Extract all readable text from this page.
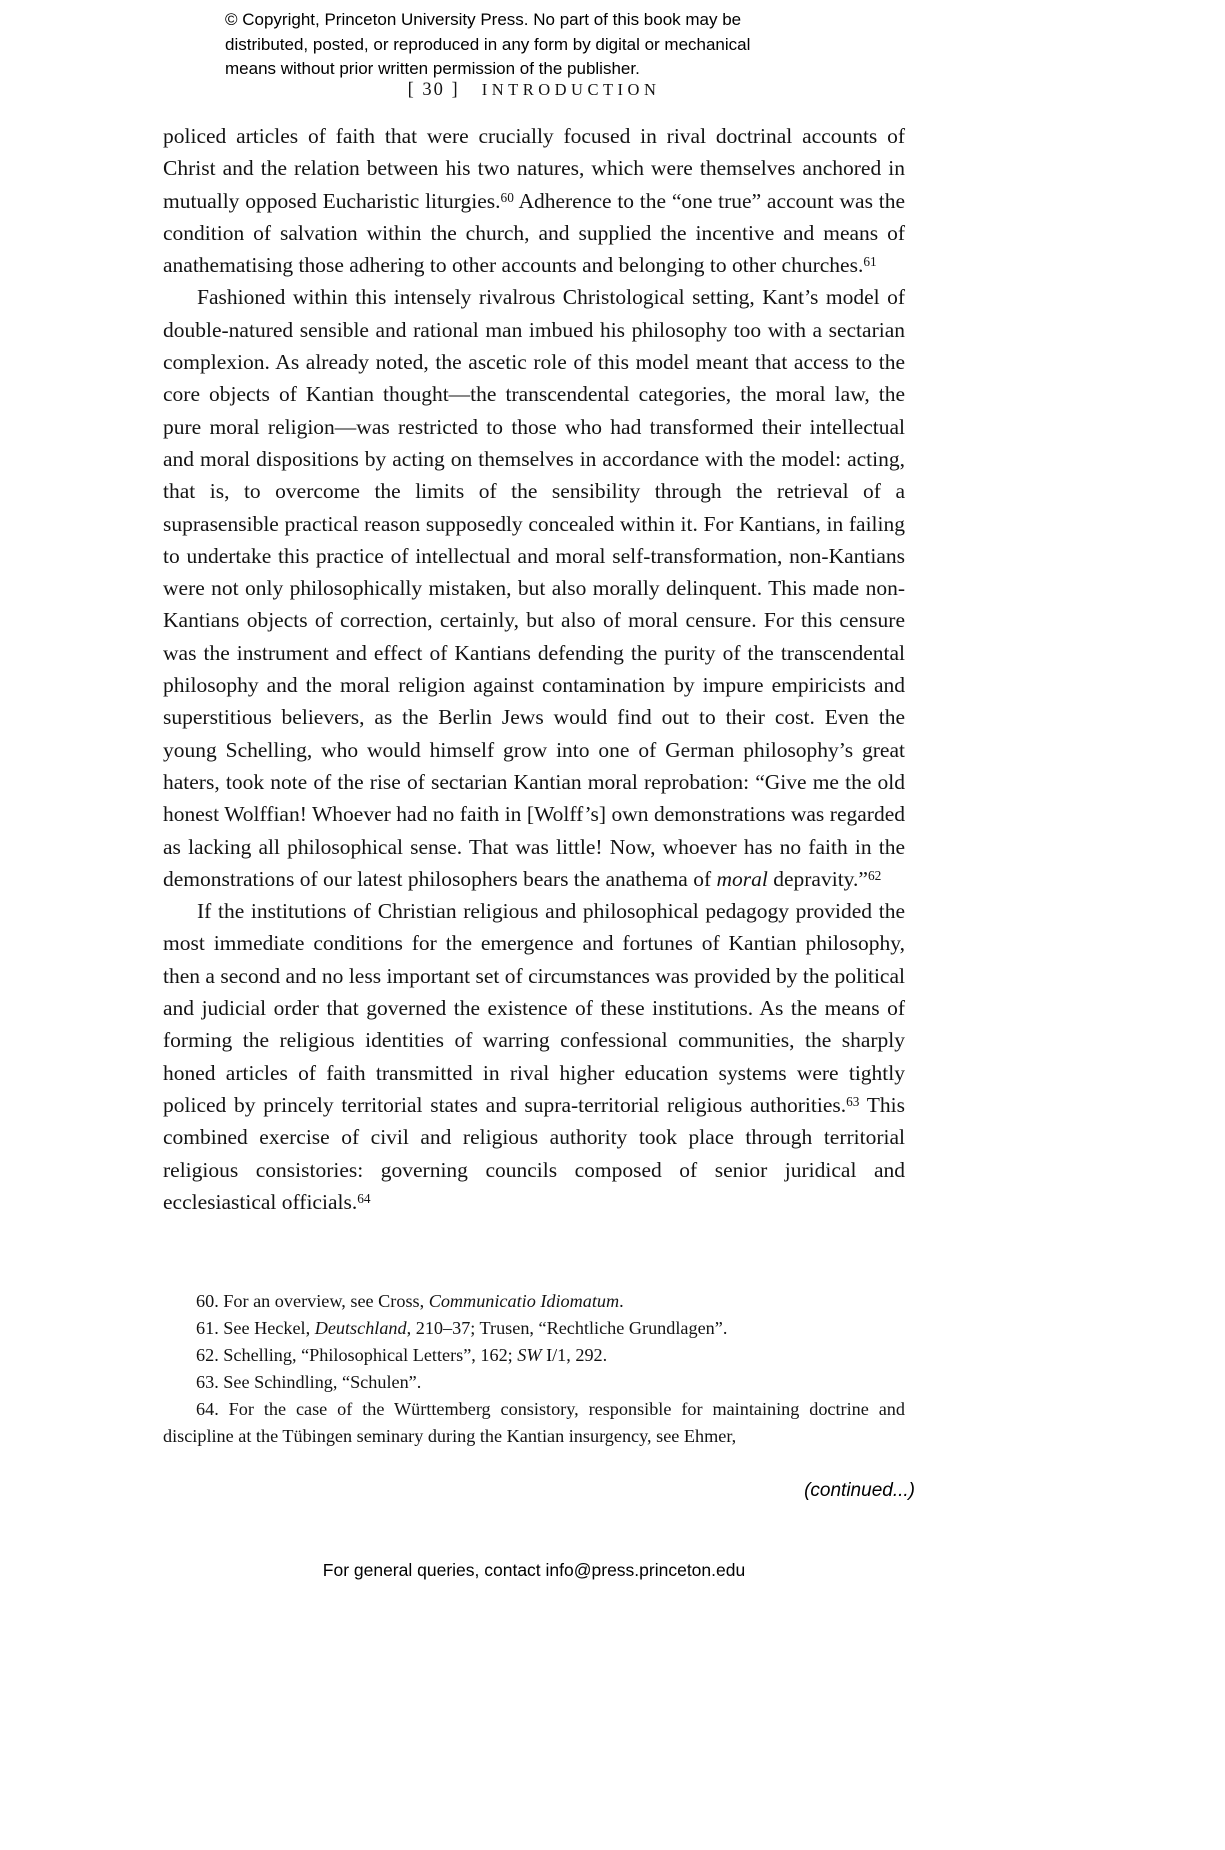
© Copyright, Princeton University Press. No part of this book may be
distributed, posted, or reproduced in any form by digital or mechanical
means without prior written permission of the publisher.
[ 30 ] INTRODUCTION

policed articles of faith that were crucially focused in rival doctrinal accounts of Christ and the relation between his two natures, which were themselves anchored in mutually opposed Eucharistic liturgies.$^{60}$ Adherence to the “one true” account was the condition of salvation within the church, and supplied the incentive and means of anathematising those adhering to other accounts and belonging to other churches.$^{61}$

Fashioned within this intensely rivalrous Christological setting, Kant’s model of double-natured sensible and rational man imbued his philosophy too with a sectarian complexion. As already noted, the ascetic role of this model meant that access to the core objects of Kantian thought—the transcendental categories, the moral law, the pure moral religion—was restricted to those who had transformed their intellectual and moral dispositions by acting on themselves in accordance with the model: acting, that is, to overcome the limits of the sensibility through the retrieval of a suprasensible practical reason supposedly concealed within it. For Kantians, in failing to undertake this practice of intellectual and moral self-transformation, non-Kantians were not only philosophically mistaken, but also morally delinquent. This made non-Kantians objects of correction, certainly, but also of moral censure. For this censure was the instrument and effect of Kantians defending the purity of the transcendental philosophy and the moral religion against contamination by impure empiricists and superstitious believers, as the Berlin Jews would find out to their cost. Even the young Schelling, who would himself grow into one of German philosophy’s great haters, took note of the rise of sectarian Kantian moral reprobation: “Give me the old honest Wolffian! Whoever had no faith in [Wolff’s] own demonstrations was regarded as lacking all philosophical sense. That was little! Now, whoever has no faith in the demonstrations of our latest philosophers bears the anathema of moral depravity.”$^{62}$

If the institutions of Christian religious and philosophical pedagogy provided the most immediate conditions for the emergence and fortunes of Kantian philosophy, then a second and no less important set of circumstances was provided by the political and judicial order that governed the existence of these institutions. As the means of forming the religious identities of warring confessional communities, the sharply honed articles of faith transmitted in rival higher education systems were tightly policed by princely territorial states and supra-territorial religious authorities.$^{63}$ This combined exercise of civil and religious authority took place through territorial religious consistories: governing councils composed of senior juridical and ecclesiastical officials.$^{64}$

60. For an overview, see Cross, Communicatio Idiomatum.

61. See Heckel, Deutschland, 210–37; Trusen, “Rechtliche Grundlagen”.

62. Schelling, “Philosophical Letters”, 162; SW I/1, 292.

63. See Schindling, “Schulen”.

64. For the case of the Württemberg consistory, responsible for maintaining doctrine and discipline at the Tübingen seminary during the Kantian insurgency, see Ehmer,

(continued...)
For general queries, contact info@press.princeton.edu
